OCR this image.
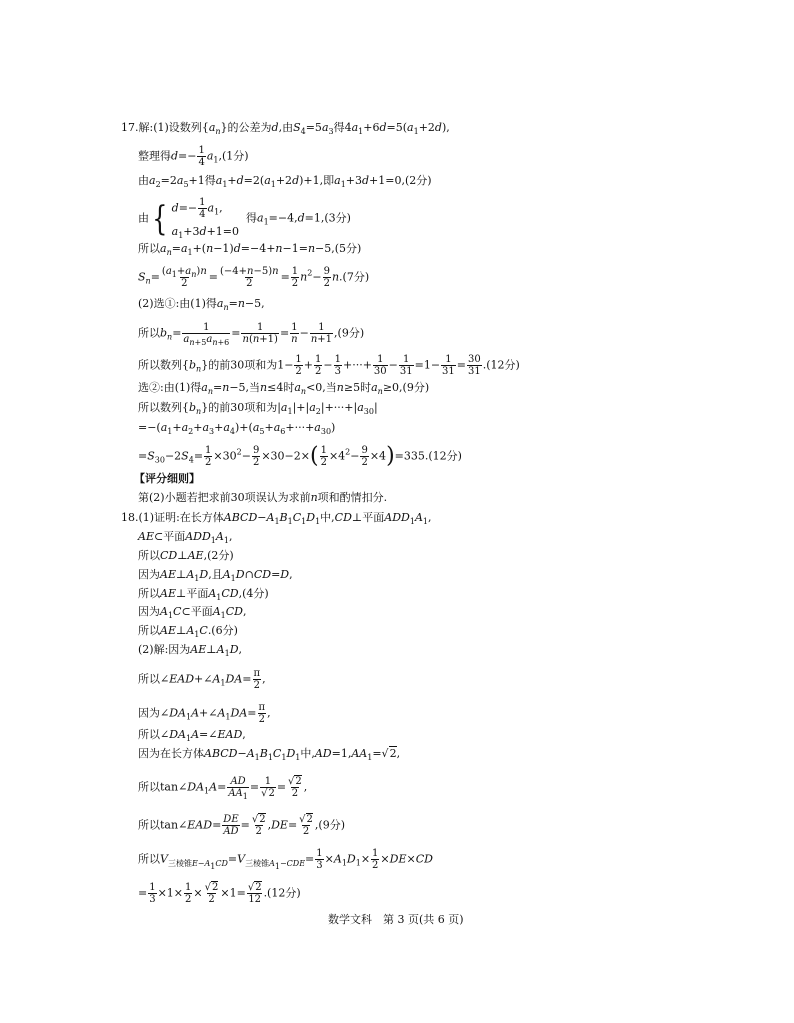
17.解:(1)设数列$\{a_n\}$的公差为d,由$S_4=5a_3$得$4a_1+6d=5(a_1+2d)$,
整理得$d=- \frac{1}{4} a_1,(1$分)
由$a_2=2a_5+1$得$a_1+d=2(a_1+2d)+1$,即$a_1+3d+1=0,(2$分)
由 { $d=- \frac{1}{4} a_1$,
$a_1+3d+1=0$
得$a_1=-4,d=1,(3$分)
所以$a_n=a_1+(n-1)d=-4+n-1=n-5,(5$分)
$S_n= \frac{(a_1+a_n)n}{2} = \frac{(-4+n-5)n}{2} = \frac{1}{2} n^2- \frac{9}{2} n.(7$分)
(2)选①:由(1)得$a_n=n-5$,
所以$b_n= \frac{1}{a_{n+5}a_{n+6}} = \frac{1}{n(n+1)} = \frac{1}{n} - \frac{1}{n+1} ,(9$分)
所以数列$\{b_n\}$的前30项和为$1- \frac{1}{2} + \frac{1}{2} - \frac{1}{3}$ +···+ $\frac{1}{30} - \frac{1}{31} =1- \frac{1}{31} = \frac{30}{31} .(12$分)
选②:由(1)得$a_n=n-5$,当n≤4时$a_n<0$,当n≥5时$a_n\ge 0,(9$分)
所以数列$\{b_n\}$的前30项和为$|a_1|+|a_2|+\cdot\cdot\cdot+|a_{30}|$
$=-(a_1+a_2+a_3+a_4)+(a_5+a_6+\cdot\cdot\cdot+a_{30})$
$=S_{30}-2S_4= \frac{1}{2} \times 30^2- \frac{9}{2} \times 30-2\times( \frac{1}{2} \times 4^2- \frac{9}{2} \times 4)=335.(12$分)
【评分细则】
第(2)小题若把求前30项误认为求前n项和酌情扣分.
18.(1)证明:在长方体$ABCD-A_1B_1C_1D_1$中,CD⊥平面$ADD_1A_1$,
AE⊂平面$ADD_1A_1$,
所以CD⊥AE,(2分)
因为$AE\perp A_1D$,且$A_1D\cap CD=D$,
所以AE⊥平面$A_1CD,(4$分)
因为$A_1C\subset$平面$A_1CD$,
所以$AE\perp A_1C.(6$分)
(2)解:因为$AE\perp A_1D$,
所以$\angle EAD+\angle A_1DA= \frac{\pi}{2}$ ,
因为$\angle DA_1A+\angle A_1DA= \frac{\pi}{2}$ ,
所以$\angle DA_1A=\angle EAD$,
因为在长方体$ABCD-A_1B_1C_1D_1$中$,AD=1,AA_1=√2$,
所以$\tan\angle DA_1A= \frac{AD}{AA_1} = \frac{1}{√2} = \frac{√2}{2}$ ,
所以tan∠EAD= $\frac{DE}{AD} = \frac{√2}{2} ,DE= \frac{√2}{2} ,(9$分)
所以$V_{三棱锥E-A_1CD}=V_{三棱锥A_1-CDE}= \frac{1}{3} \times A_1D_1\times \frac{1}{2} \times DE\times CD$
= $\frac{1}{3} \times 1\times \frac{1}{2} \times \frac{√2}{2} \times 1= \frac{√2}{12} .(12$分)
数学文科　第 3 页(共 6 页)
